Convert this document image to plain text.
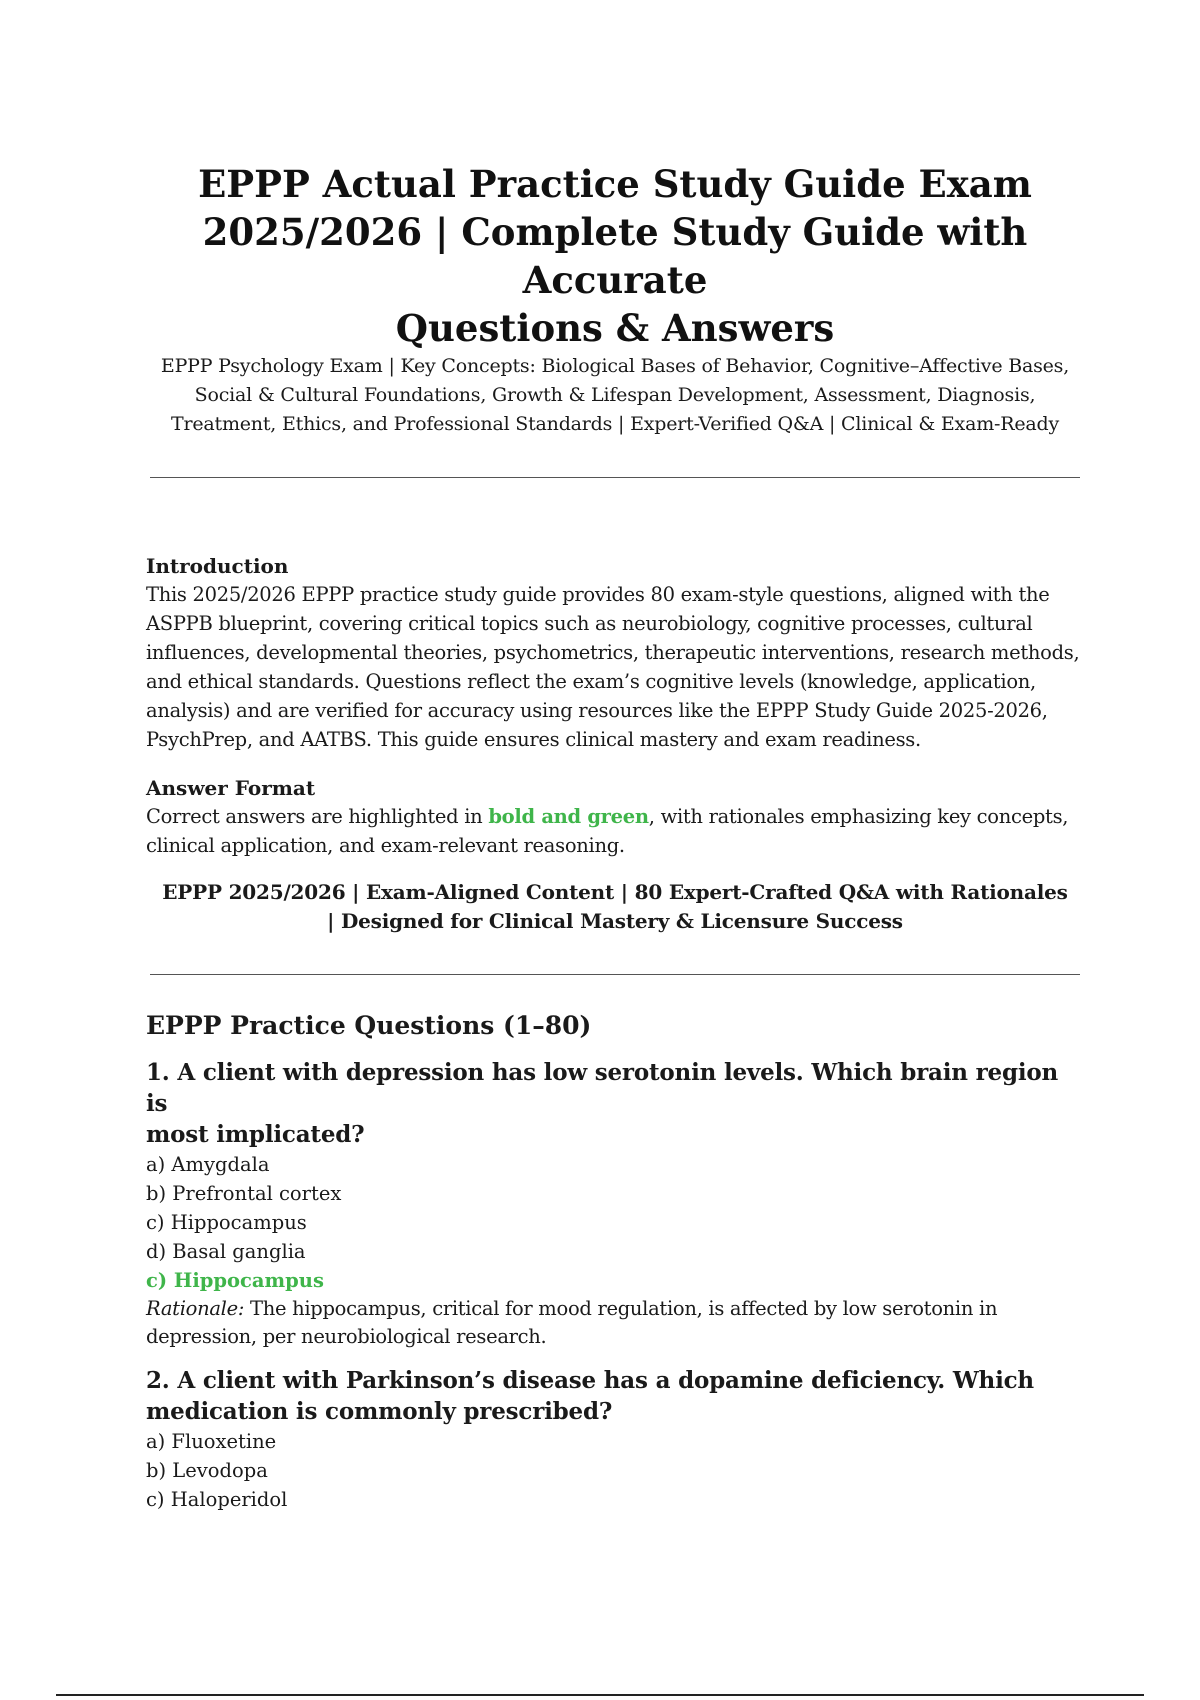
EPPP Actual Practice Study Guide Exam
2025/2026 | Complete Study Guide with Accurate
Questions & Answers

EPPP Psychology Exam | Key Concepts: Biological Bases of Behavior, Cognitive–Affective Bases,
Social & Cultural Foundations, Growth & Lifespan Development, Assessment, Diagnosis,
Treatment, Ethics, and Professional Standards | Expert-Verified Q&A | Clinical & Exam-Ready

Introduction

This 2025/2026 EPPP practice study guide provides 80 exam-style questions, aligned with the
ASPPB blueprint, covering critical topics such as neurobiology, cognitive processes, cultural
influences, developmental theories, psychometrics, therapeutic interventions, research methods,
and ethical standards. Questions reflect the exam’s cognitive levels (knowledge, application,
analysis) and are verified for accuracy using resources like the EPPP Study Guide 2025-2026,
PsychPrep, and AATBS. This guide ensures clinical mastery and exam readiness.

Answer Format

Correct answers are highlighted in bold and green, with rationales emphasizing key concepts,
clinical application, and exam-relevant reasoning.

EPPP 2025/2026 | Exam-Aligned Content | 80 Expert-Crafted Q&A with Rationales
| Designed for Clinical Mastery & Licensure Success

EPPP Practice Questions (1–80)

1. A client with depression has low serotonin levels. Which brain region is
most implicated?

a) Amygdala

b) Prefrontal cortex

c) Hippocampus

d) Basal ganglia

c) Hippocampus

Rationale: The hippocampus, critical for mood regulation, is affected by low serotonin in
depression, per neurobiological research.

2. A client with Parkinson’s disease has a dopamine deficiency. Which
medication is commonly prescribed?

a) Fluoxetine

b) Levodopa

c) Haloperidol
